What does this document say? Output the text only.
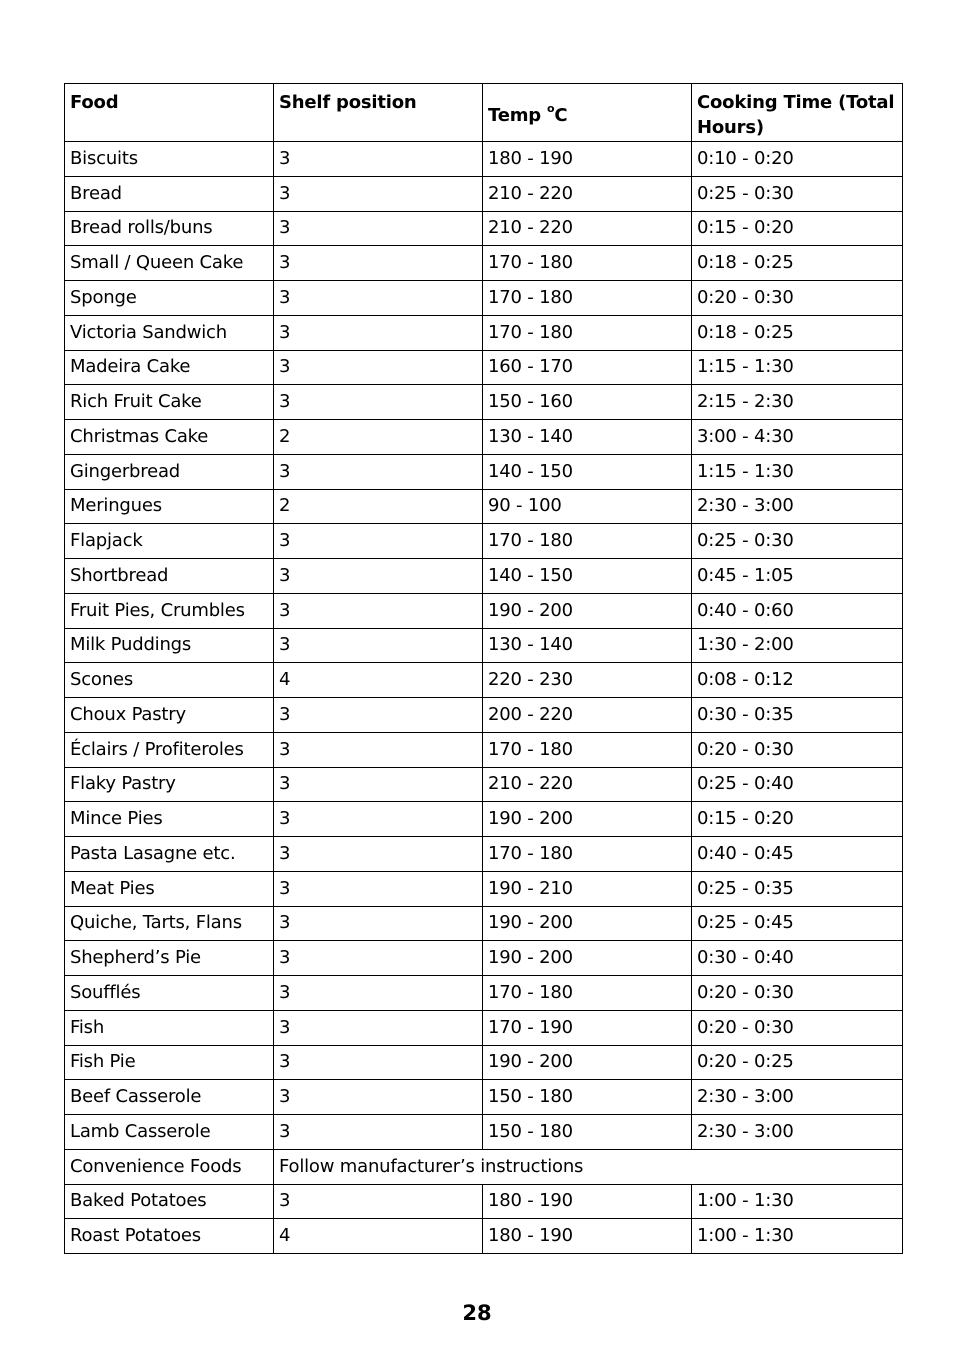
Food	Shelf position	Temp $^o$C	Cooking Time (Total Hours)
Biscuits	3	180 - 190	0:10 - 0:20
Bread	3	210 - 220	0:25 - 0:30
Bread rolls/buns	3	210 - 220	0:15 - 0:20
Small / Queen Cake	3	170 - 180	0:18 - 0:25
Sponge	3	170 - 180	0:20 - 0:30
Victoria Sandwich	3	170 - 180	0:18 - 0:25
Madeira Cake	3	160 - 170	1:15 - 1:30
Rich Fruit Cake	3	150 - 160	2:15 - 2:30
Christmas Cake	2	130 - 140	3:00 - 4:30
Gingerbread	3	140 - 150	1:15 - 1:30
Meringues	2	90 - 100	2:30 - 3:00
Flapjack	3	170 - 180	0:25 - 0:30
Shortbread	3	140 - 150	0:45 - 1:05
Fruit Pies, Crumbles	3	190 - 200	0:40 - 0:60
Milk Puddings	3	130 - 140	1:30 - 2:00
Scones	4	220 - 230	0:08 - 0:12
Choux Pastry	3	200 - 220	0:30 - 0:35
Éclairs / Profiteroles	3	170 - 180	0:20 - 0:30
Flaky Pastry	3	210 - 220	0:25 - 0:40
Mince Pies	3	190 - 200	0:15 - 0:20
Pasta Lasagne etc.	3	170 - 180	0:40 - 0:45
Meat Pies	3	190 - 210	0:25 - 0:35
Quiche, Tarts, Flans	3	190 - 200	0:25 - 0:45
Shepherd’s Pie	3	190 - 200	0:30 - 0:40
Soufflés	3	170 - 180	0:20 - 0:30
Fish	3	170 - 190	0:20 - 0:30
Fish Pie	3	190 - 200	0:20 - 0:25
Beef Casserole	3	150 - 180	2:30 - 3:00
Lamb Casserole	3	150 - 180	2:30 - 3:00
Convenience Foods	Follow manufacturer’s instructions		
Baked Potatoes	3	180 - 190	1:00 - 1:30
Roast Potatoes	4	180 - 190	1:00 - 1:30
28
